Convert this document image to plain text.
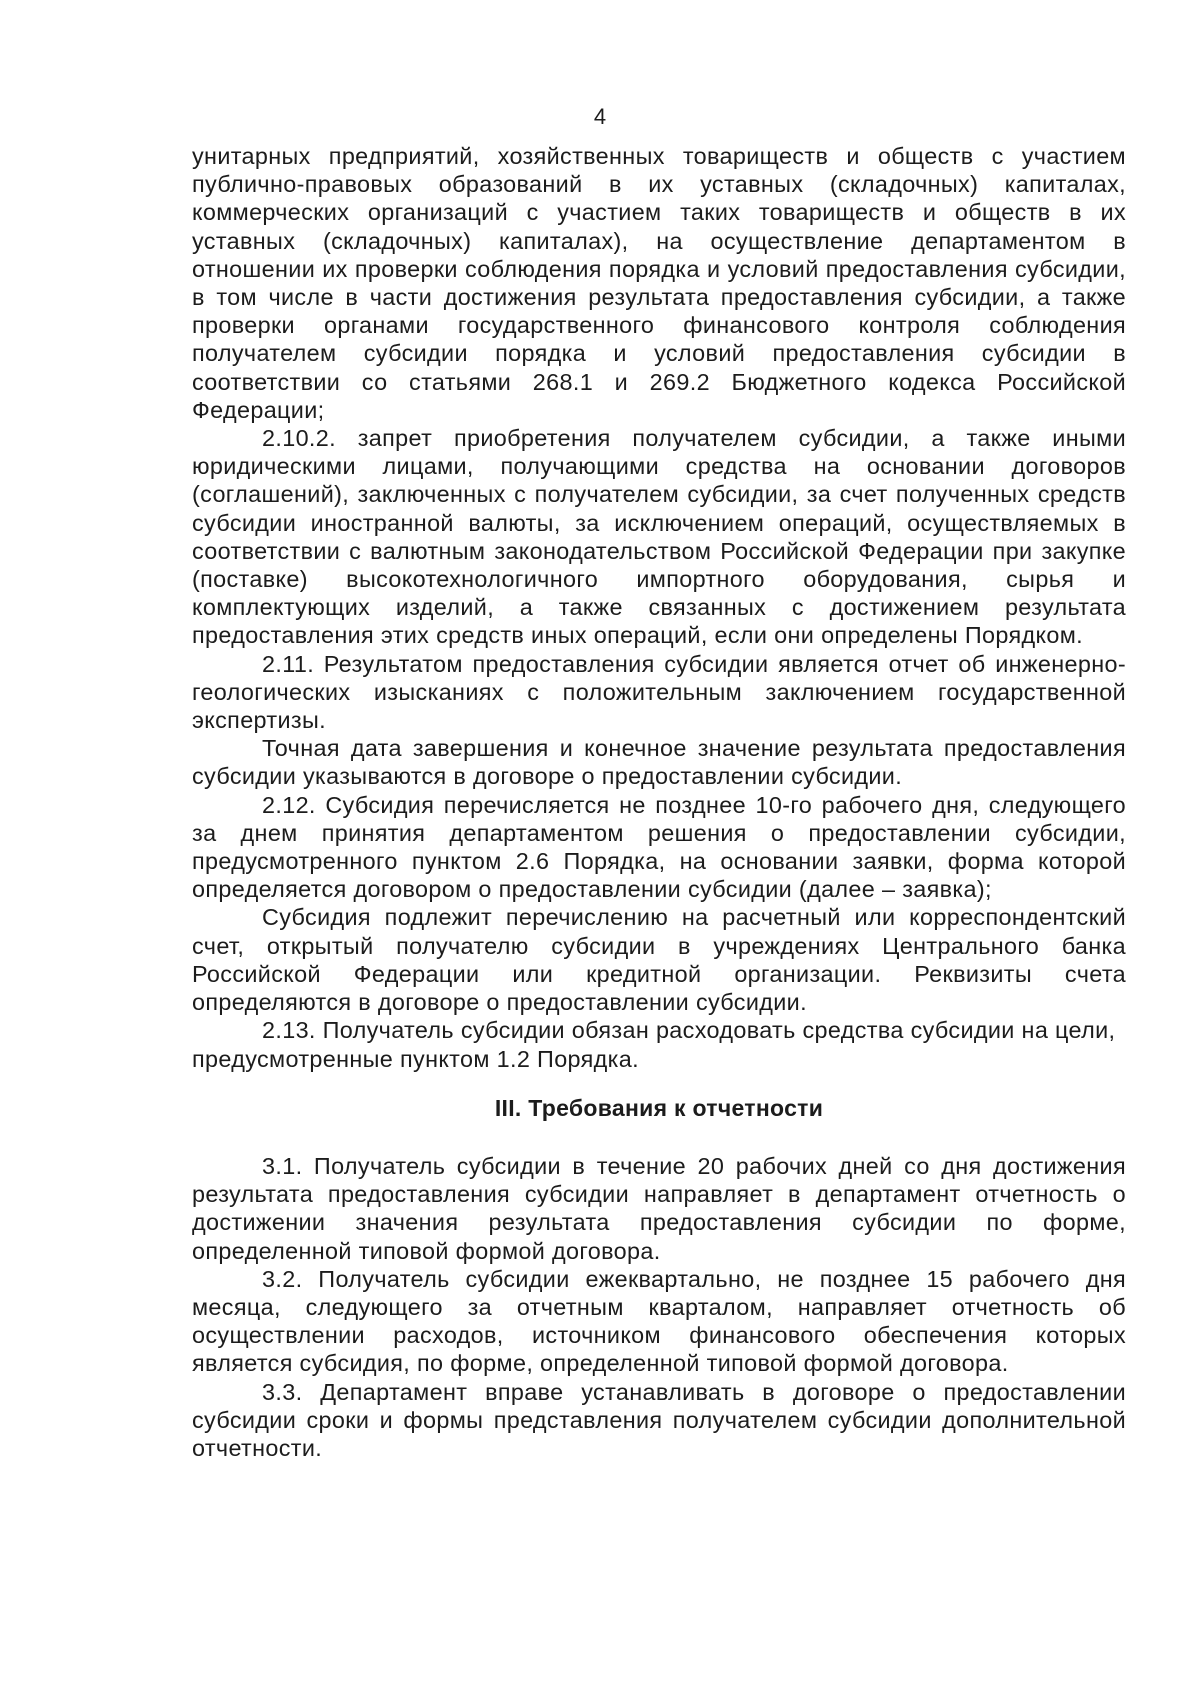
4

унитарных предприятий, хозяйственных товариществ и обществ с участием публично-правовых образований в их уставных (складочных) капиталах, коммерческих организаций с участием таких товариществ и обществ в их уставных (складочных) капиталах), на осуществление департаментом в отношении их проверки соблюдения порядка и условий предоставления субсидии, в том числе в части достижения результата предоставления субсидии, а также проверки органами государственного финансового контроля соблюдения получателем субсидии порядка и условий предоставления субсидии в соответствии со статьями 268.1 и 269.2 Бюджетного кодекса Российской Федерации;

2.10.2. запрет приобретения получателем субсидии, а также иными юридическими лицами, получающими средства на основании договоров (соглашений), заключенных с получателем субсидии, за счет полученных средств субсидии иностранной валюты, за исключением операций, осуществляемых в соответствии с валютным законодательством Российской Федерации при закупке (поставке) высокотехнологичного импортного оборудования, сырья и комплектующих изделий, а также связанных с достижением результата предоставления этих средств иных операций, если они определены Порядком.

2.11. Результатом предоставления субсидии является отчет об инженерно-геологических изысканиях с положительным заключением государственной экспертизы.

Точная дата завершения и конечное значение результата предоставления субсидии указываются в договоре о предоставлении субсидии.

2.12. Субсидия перечисляется не позднее 10-го рабочего дня, следующего за днем принятия департаментом решения о предоставлении субсидии, предусмотренного пунктом 2.6 Порядка, на основании заявки, форма которой определяется договором о предоставлении субсидии (далее – заявка);

Субсидия подлежит перечислению на расчетный или корреспондентский счет, открытый получателю субсидии в учреждениях Центрального банка Российской Федерации или кредитной организации. Реквизиты счета определяются в договоре о предоставлении субсидии.

2.13. Получатель субсидии обязан расходовать средства субсидии на цели, предусмотренные пунктом 1.2 Порядка.

III. Требования к отчетности

3.1. Получатель субсидии в течение 20 рабочих дней со дня достижения результата предоставления субсидии направляет в департамент отчетность о достижении значения результата предоставления субсидии по форме, определенной типовой формой договора.

3.2. Получатель субсидии ежеквартально, не позднее 15 рабочего дня месяца, следующего за отчетным кварталом, направляет отчетность об осуществлении расходов, источником финансового обеспечения которых является субсидия, по форме, определенной типовой формой договора.

3.3. Департамент вправе устанавливать в договоре о предоставлении субсидии сроки и формы представления получателем субсидии дополнительной отчетности.
